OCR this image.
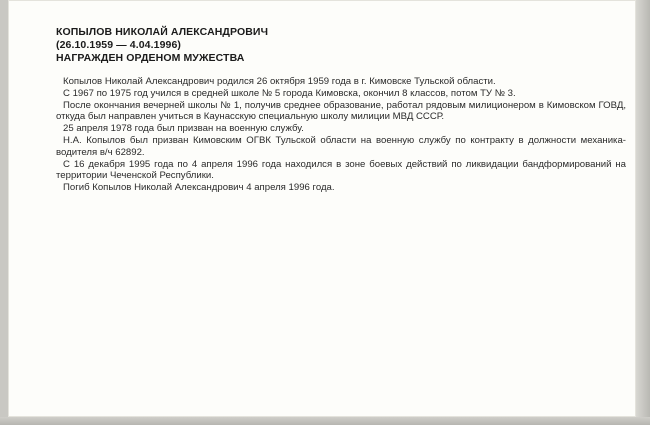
КОПЫЛОВ НИКОЛАЙ АЛЕКСАНДРОВИЧ
(26.10.1959 — 4.04.1996)
НАГРАЖДЕН ОРДЕНОМ МУЖЕСТВА

Копылов Николай Александрович родился 26 октября 1959 года в г. Кимовске Тульской области.

С 1967 по 1975 год учился в средней школе № 5 города Кимовска, окончил 8 классов, потом ТУ № 3.

После окончания вечерней школы № 1, получив среднее образование, работал рядовым милиционером в Кимовском ГОВД, откуда был направлен учиться в Каунасскую специальную школу милиции МВД СССР.

25 апреля 1978 года был призван на военную службу.

Н.А. Копылов был призван Кимовским ОГВК Тульской области на военную службу по контракту в должности механика-водителя в/ч 62892.

С 16 декабря 1995 года по 4 апреля 1996 года находился в зоне боевых действий по ликвидации бандформирований на территории Чеченской Республики.

Погиб Копылов Николай Александрович 4 апреля 1996 года.
